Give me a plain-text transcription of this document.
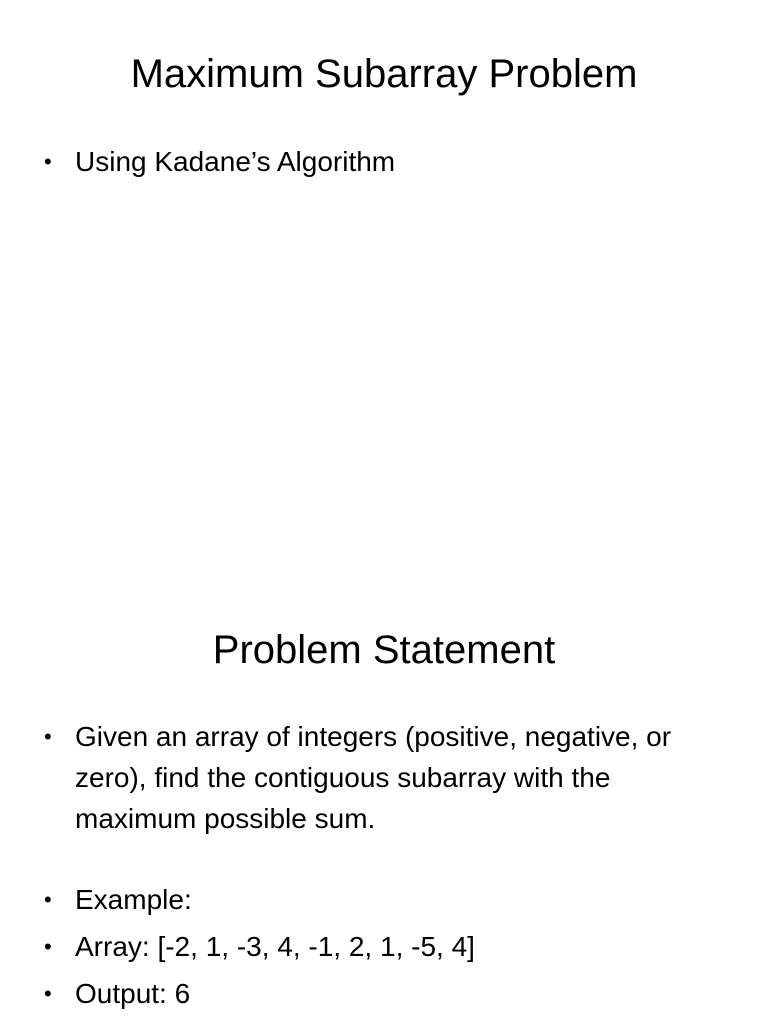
Maximum Subarray Problem
• Using Kadane’s Algorithm
Problem Statement
• Given an array of integers (positive, negative, or zero), find the contiguous subarray with the maximum possible sum.
• Example:
• Array: [-2, 1, -3, 4, -1, 2, 1, -5, 4]
• Output: 6
